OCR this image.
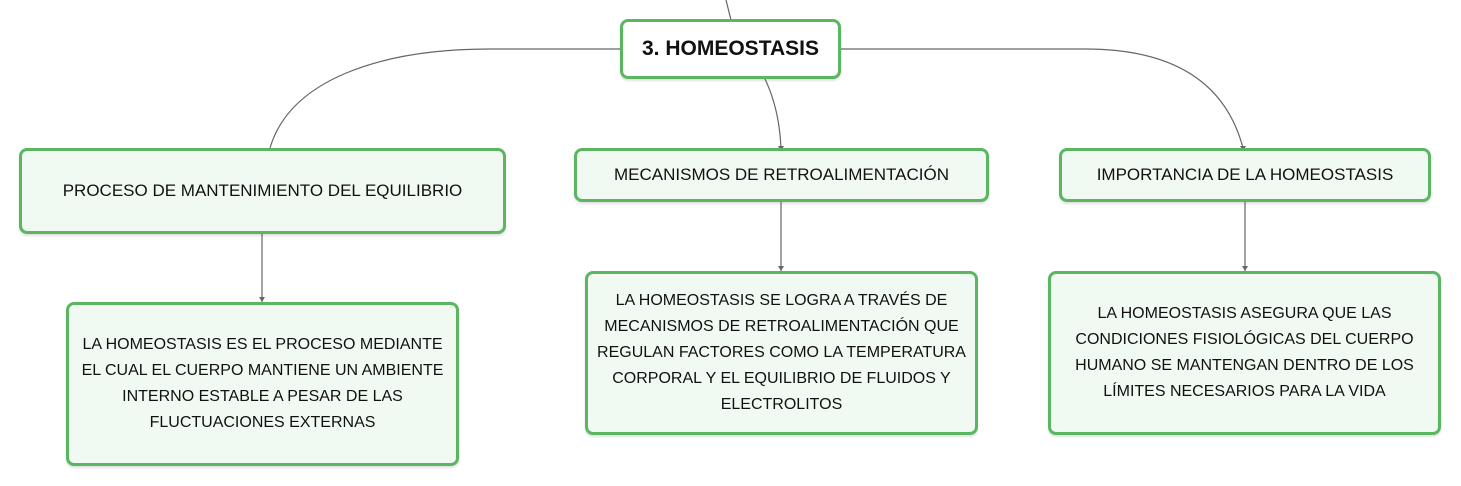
3. HOMEOSTASIS
PROCESO DE MANTENIMIENTO DEL EQUILIBRIO
MECANISMOS DE RETROALIMENTACIÓN	IMPORTANCIA DE LA HOMEOSTASIS
LA HOMEOSTASIS ES EL PROCESO MEDIANTE EL CUAL EL CUERPO MANTIENE UN AMBIENTE INTERNO ESTABLE A PESAR DE LAS FLUCTUACIONES EXTERNAS
LA HOMEOSTASIS SE LOGRA A TRAVÉS DE MECANISMOS DE RETROALIMENTACIÓN QUE REGULAN FACTORES COMO LA TEMPERATURA CORPORAL Y EL EQUILIBRIO DE FLUIDOS Y ELECTROLITOS
LA HOMEOSTASIS ASEGURA QUE LAS CONDICIONES FISIOLÓGICAS DEL CUERPO HUMANO SE MANTENGAN DENTRO DE LOS LÍMITES NECESARIOS PARA LA VIDA
